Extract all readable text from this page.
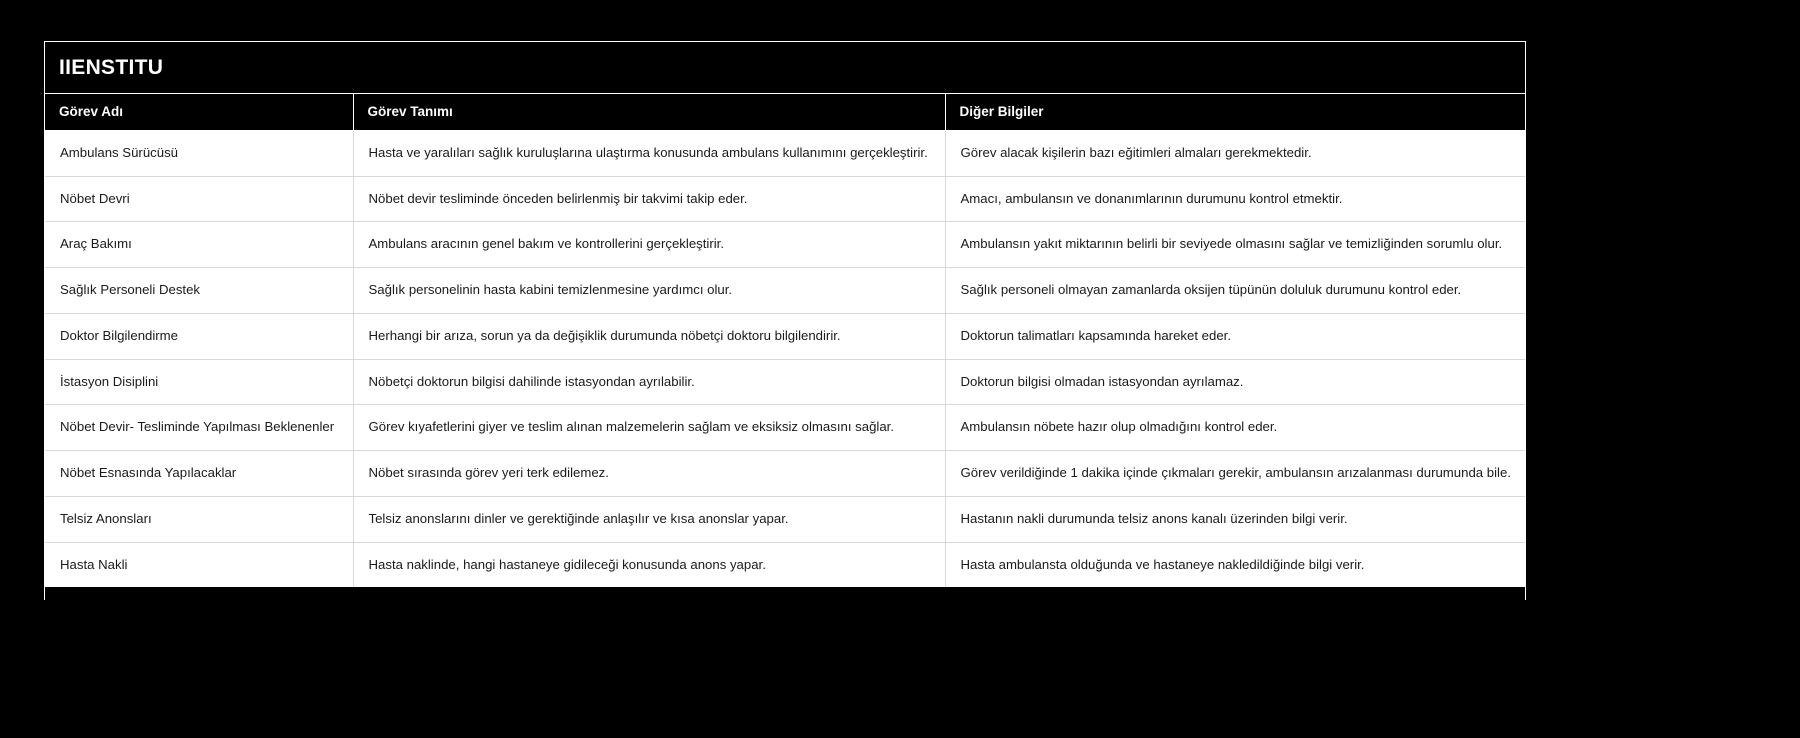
IIENSTITU
Görev Adı	Görev Tanımı	Diğer Bilgiler
Ambulans Sürücüsü	Hasta ve yaralıları sağlık kuruluşlarına ulaştırma konusunda ambulans kullanımını gerçekleştirir.	Görev alacak kişilerin bazı eğitimleri almaları gerekmektedir.
Nöbet Devri	Nöbet devir tesliminde önceden belirlenmiş bir takvimi takip eder.	Amacı, ambulansın ve donanımlarının durumunu kontrol etmektir.
Araç Bakımı	Ambulans aracının genel bakım ve kontrollerini gerçekleştirir.	Ambulansın yakıt miktarının belirli bir seviyede olmasını sağlar ve temizliğinden sorumlu olur.
Sağlık Personeli Destek	Sağlık personelinin hasta kabini temizlenmesine yardımcı olur.	Sağlık personeli olmayan zamanlarda oksijen tüpünün doluluk durumunu kontrol eder.
Doktor Bilgilendirme	Herhangi bir arıza, sorun ya da değişiklik durumunda nöbetçi doktoru bilgilendirir.	Doktorun talimatları kapsamında hareket eder.
İstasyon Disiplini	Nöbetçi doktorun bilgisi dahilinde istasyondan ayrılabilir.	Doktorun bilgisi olmadan istasyondan ayrılamaz.
Nöbet Devir- Tesliminde Yapılması Beklenenler	Görev kıyafetlerini giyer ve teslim alınan malzemelerin sağlam ve eksiksiz olmasını sağlar.	Ambulansın nöbete hazır olup olmadığını kontrol eder.
Nöbet Esnasında Yapılacaklar	Nöbet sırasında görev yeri terk edilemez.	Görev verildiğinde 1 dakika içinde çıkmaları gerekir, ambulansın arızalanması durumunda bile.
Telsiz Anonsları	Telsiz anonslarını dinler ve gerektiğinde anlaşılır ve kısa anonslar yapar.	Hastanın nakli durumunda telsiz anons kanalı üzerinden bilgi verir.
Hasta Nakli	Hasta naklinde, hangi hastaneye gidileceği konusunda anons yapar.	Hasta ambulansta olduğunda ve hastaneye nakledildiğinde bilgi verir.
